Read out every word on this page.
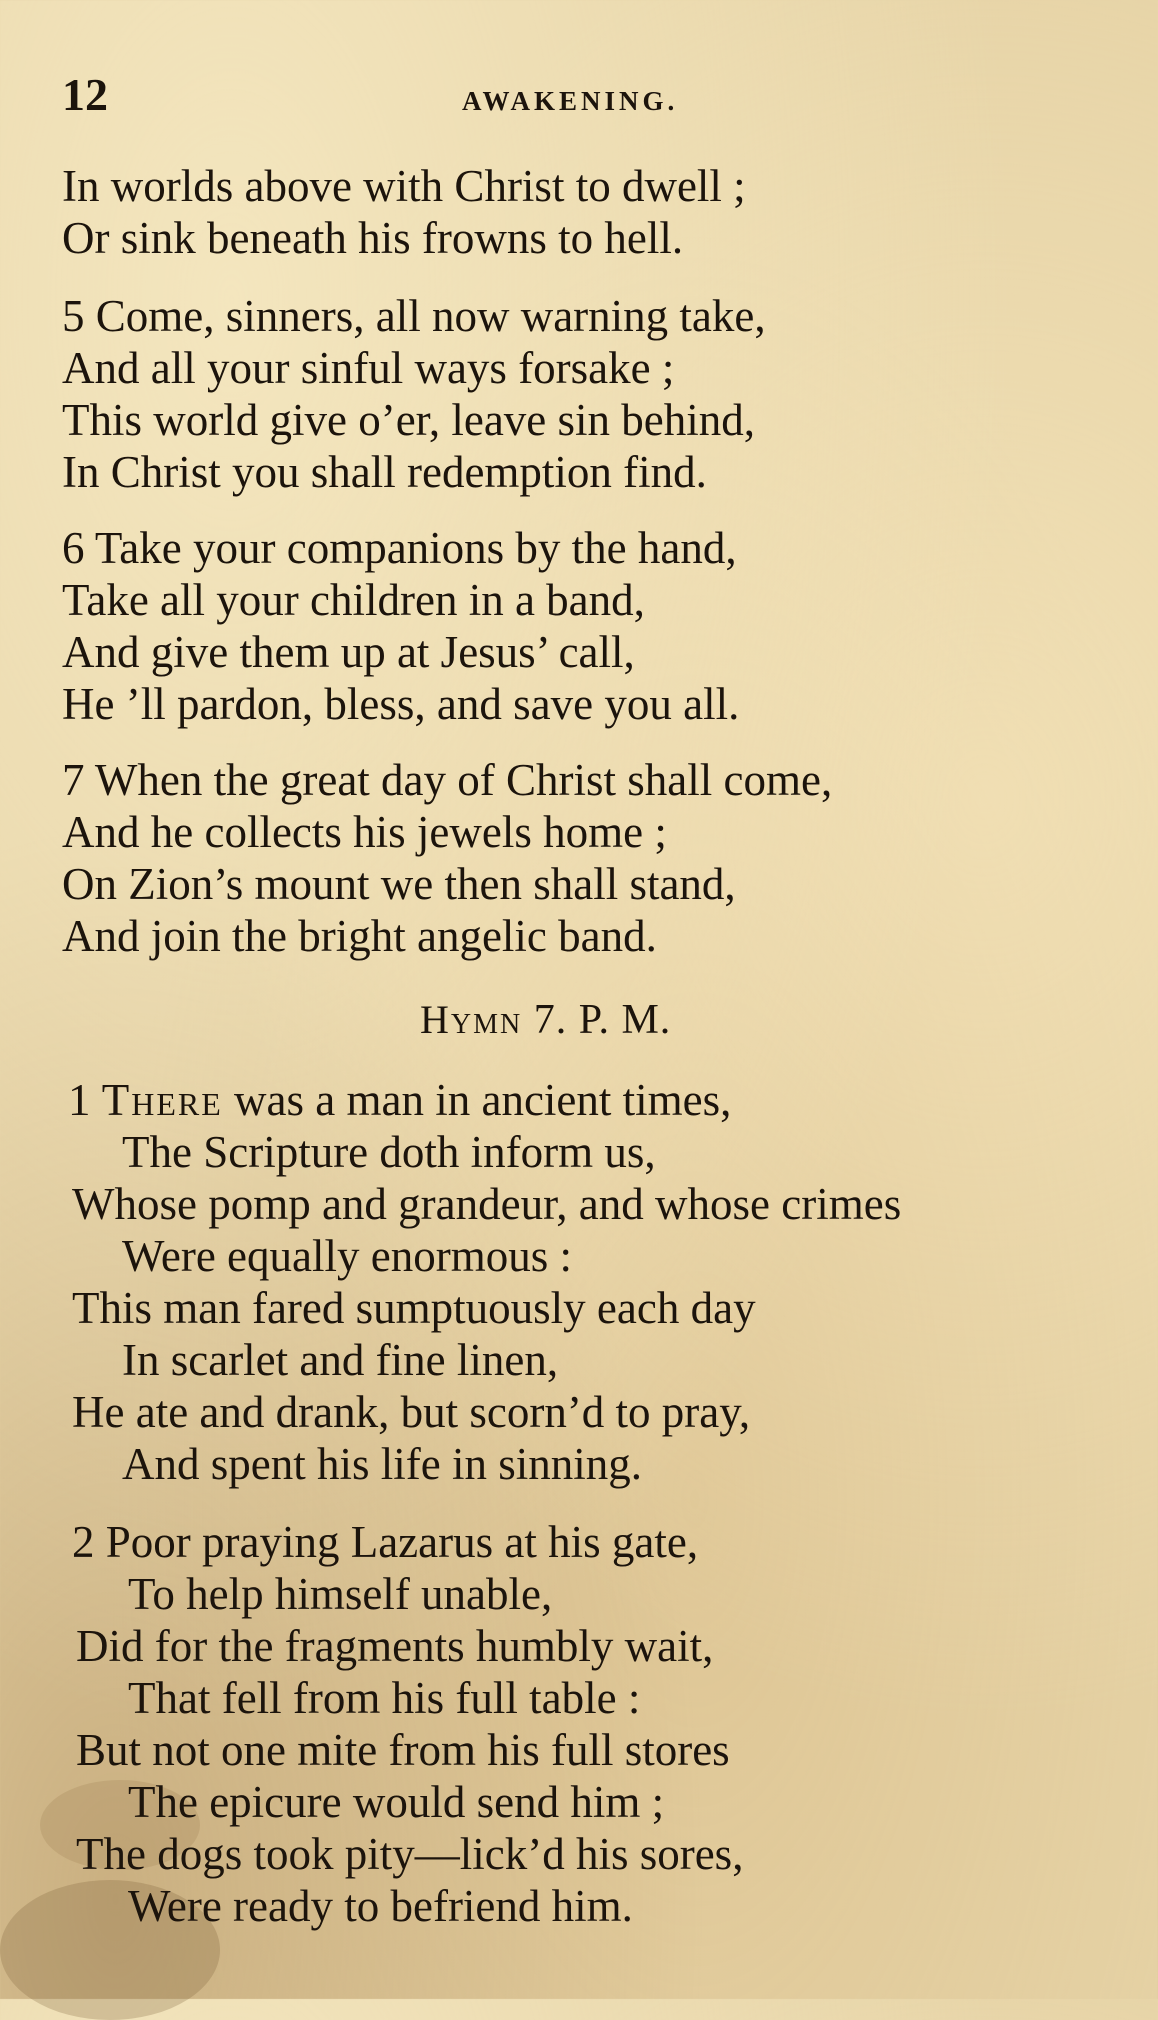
12	AWAKENING.
In worlds above with Christ to dwell ;
Or sink beneath his frowns to hell.
5 Come, sinners, all now warning take,
And all your sinful ways forsake ;
This world give o’er, leave sin behind,
In Christ you shall redemption find.
6 Take your companions by the hand,
Take all your children in a band,
And give them up at Jesus’ call,
He ’ll pardon, bless, and save you all.
7 When the great day of Christ shall come,
And he collects his jewels home ;
On Zion’s mount we then shall stand,
And join the bright angelic band.
Hymn 7. P. M.
1 There was a man in ancient times,
The Scripture doth inform us,
Whose pomp and grandeur, and whose crimes
Were equally enormous :
This man fared sumptuously each day
In scarlet and fine linen,
He ate and drank, but scorn’d to pray,
And spent his life in sinning.
2 Poor praying Lazarus at his gate,
To help himself unable,
Did for the fragments humbly wait,
That fell from his full table :
But not one mite from his full stores
The epicure would send him ;
The dogs took pity—lick’d his sores,
Were ready to befriend him.
